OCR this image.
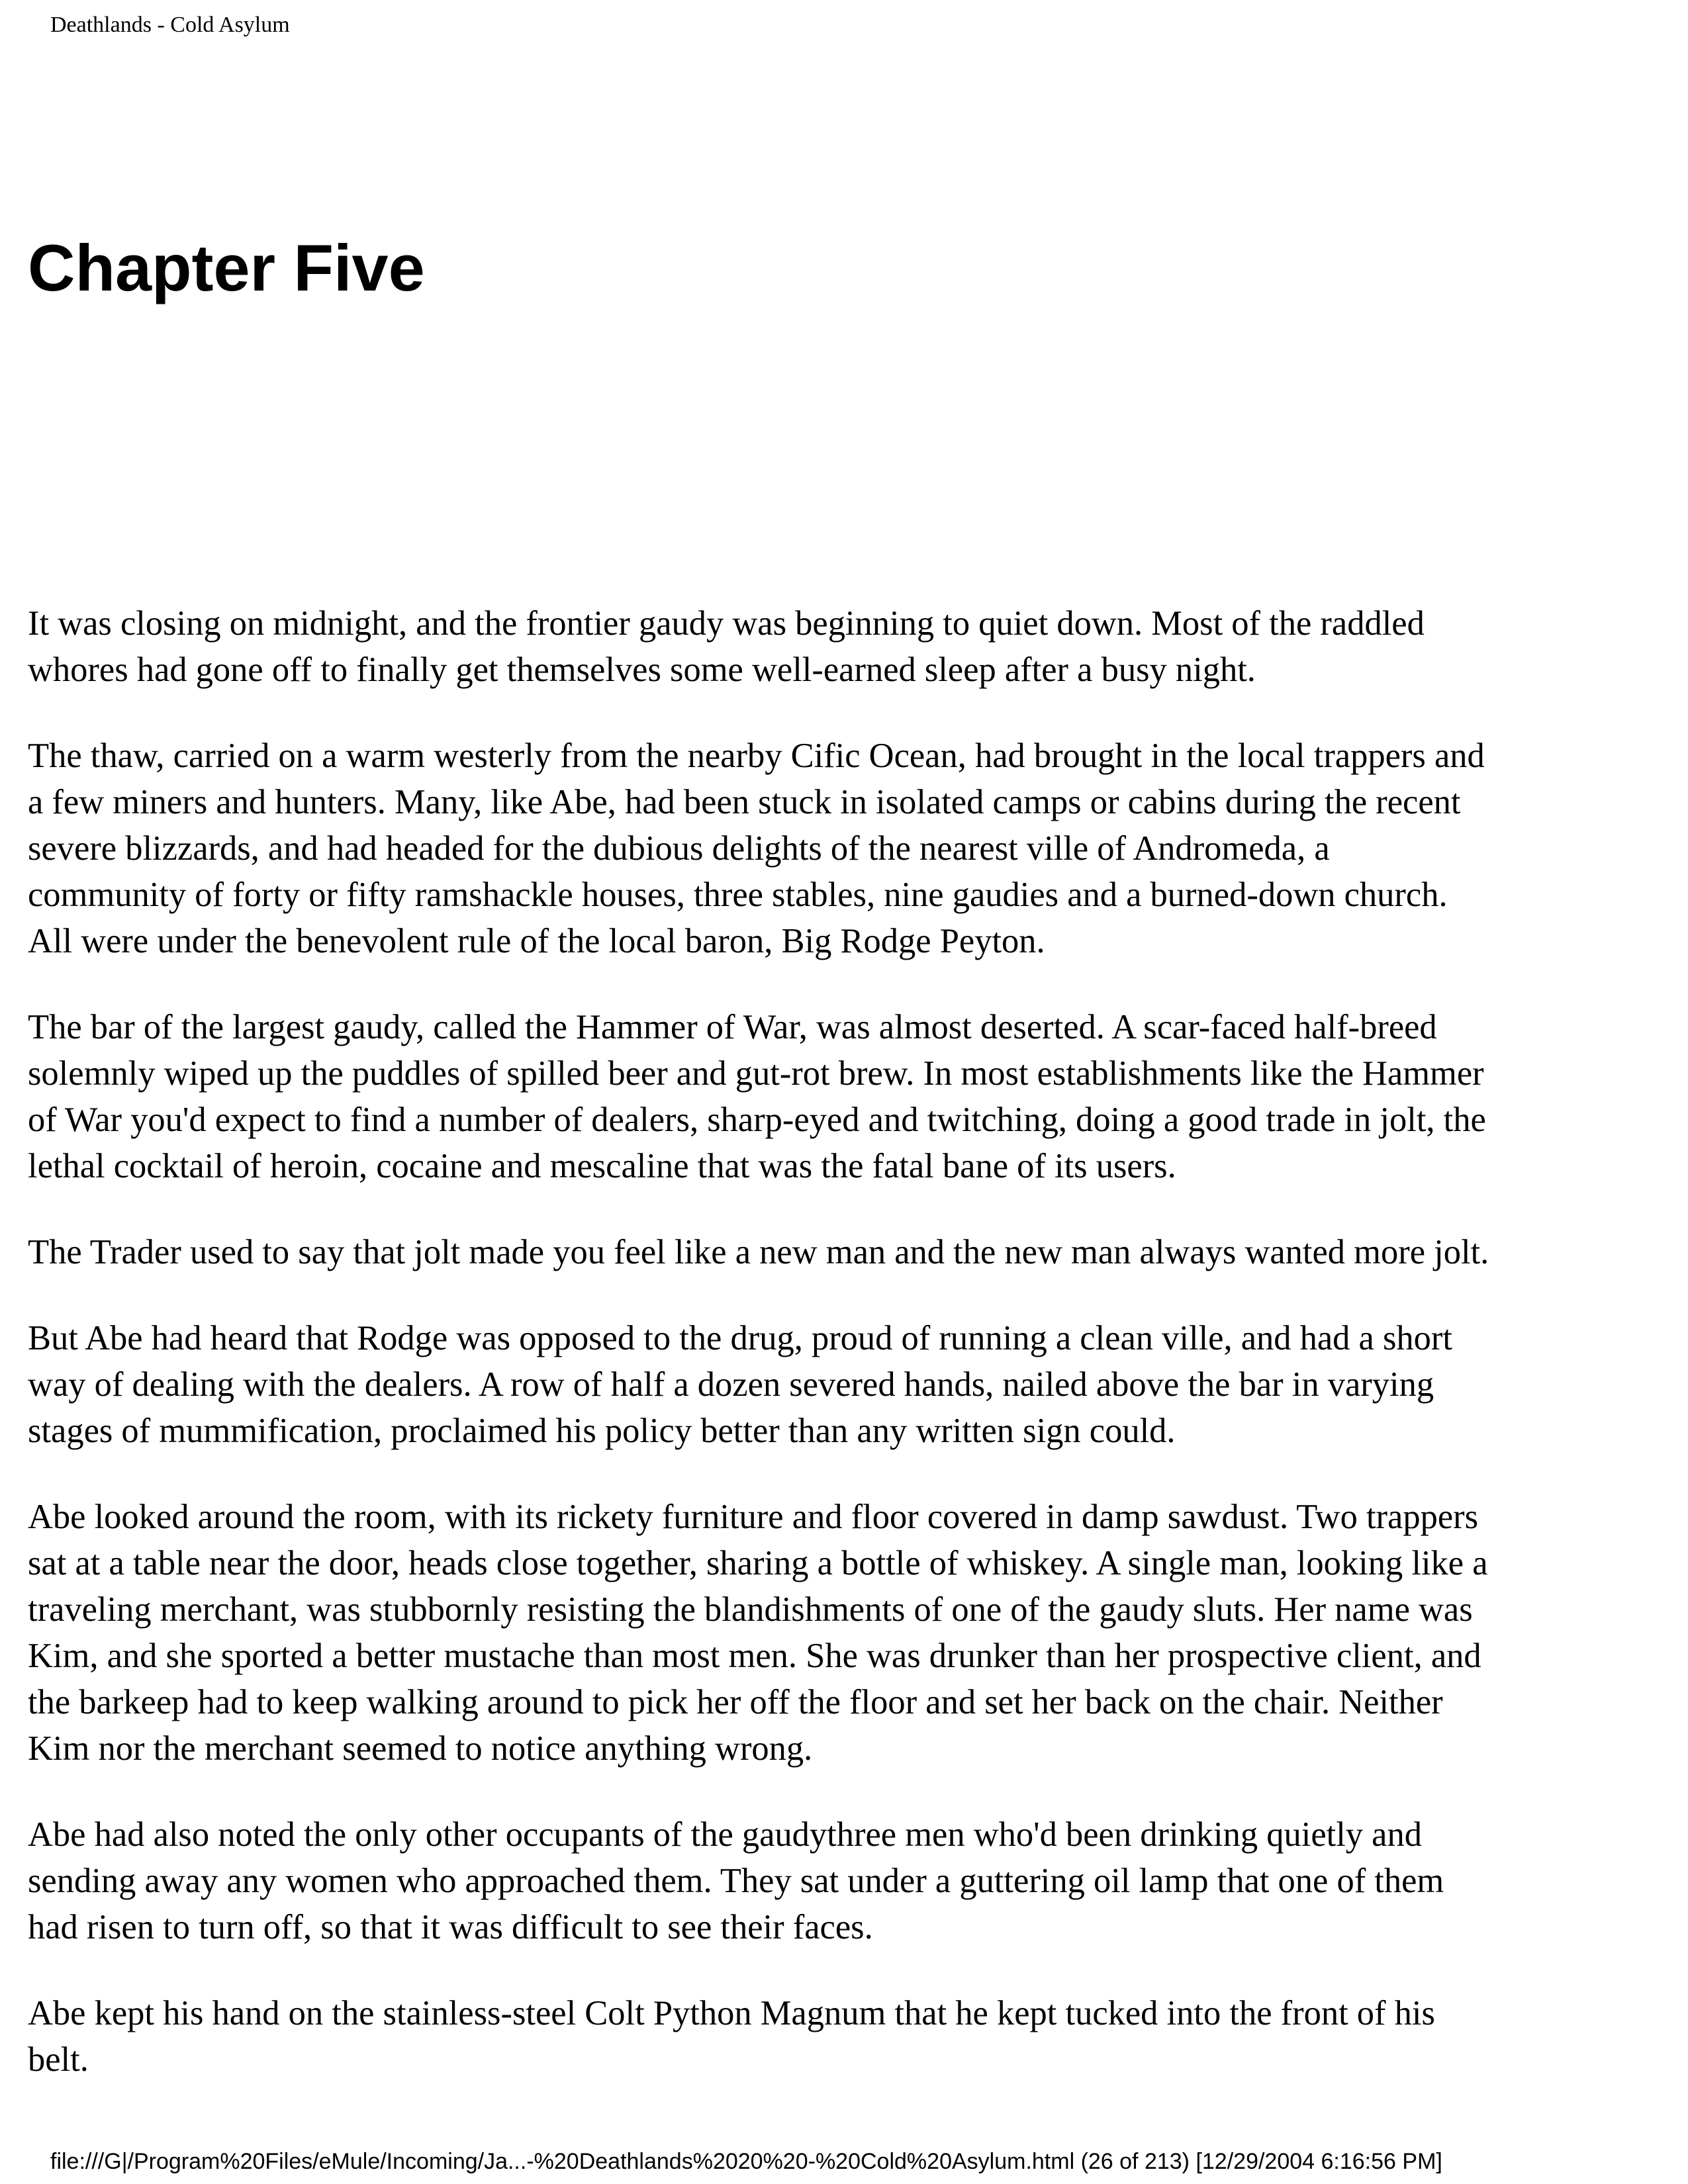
Deathlands - Cold Asylum
Chapter Five

It was closing on midnight, and the frontier gaudy was beginning to quiet down. Most of the raddled
whores had gone off to finally get themselves some well-earned sleep after a busy night.

The thaw, carried on a warm westerly from the nearby Cific Ocean, had brought in the local trappers and
a few miners and hunters. Many, like Abe, had been stuck in isolated camps or cabins during the recent
severe blizzards, and had headed for the dubious delights of the nearest ville of Andromeda, a
community of forty or fifty ramshackle houses, three stables, nine gaudies and a burned-down church.
All were under the benevolent rule of the local baron, Big Rodge Peyton.

The bar of the largest gaudy, called the Hammer of War, was almost deserted. A scar-faced half-breed
solemnly wiped up the puddles of spilled beer and gut-rot brew. In most establishments like the Hammer
of War you'd expect to find a number of dealers, sharp-eyed and twitching, doing a good trade in jolt, the
lethal cocktail of heroin, cocaine and mescaline that was the fatal bane of its users.

The Trader used to say that jolt made you feel like a new man and the new man always wanted more jolt.

But Abe had heard that Rodge was opposed to the drug, proud of running a clean ville, and had a short
way of dealing with the dealers. A row of half a dozen severed hands, nailed above the bar in varying
stages of mummification, proclaimed his policy better than any written sign could.

Abe looked around the room, with its rickety furniture and floor covered in damp sawdust. Two trappers
sat at a table near the door, heads close together, sharing a bottle of whiskey. A single man, looking like a
traveling merchant, was stubbornly resisting the blandishments of one of the gaudy sluts. Her name was
Kim, and she sported a better mustache than most men. She was drunker than her prospective client, and
the barkeep had to keep walking around to pick her off the floor and set her back on the chair. Neither
Kim nor the merchant seemed to notice anything wrong.

Abe had also noted the only other occupants of the gaudythree men who'd been drinking quietly and
sending away any women who approached them. They sat under a guttering oil lamp that one of them
had risen to turn off, so that it was difficult to see their faces.

Abe kept his hand on the stainless-steel Colt Python Magnum that he kept tucked into the front of his
belt.

file:///G|/Program%20Files/eMule/Incoming/Ja...-%20Deathlands%2020%20-%20Cold%20Asylum.html (26 of 213) [12/29/2004 6:16:56 PM]
